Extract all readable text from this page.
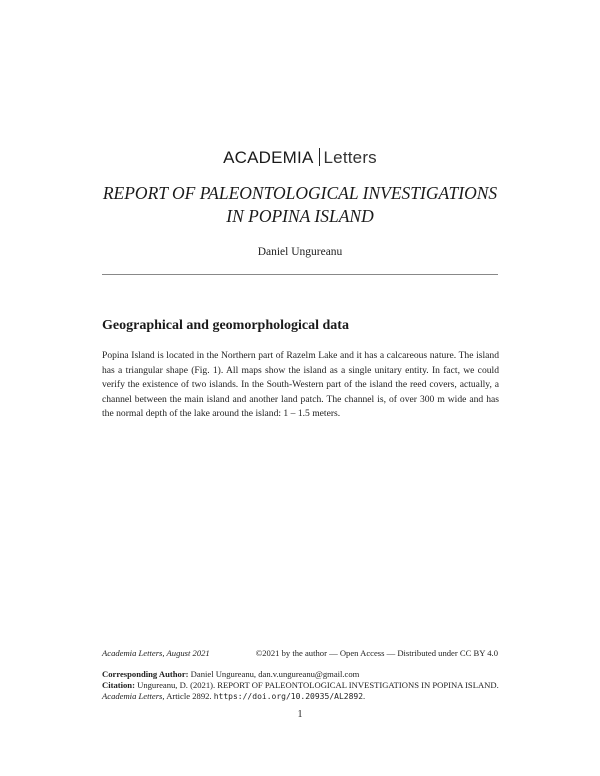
ACADEMIA Letters
REPORT OF PALEONTOLOGICAL INVESTIGATIONS
IN POPINA ISLAND
Daniel Ungureanu
Geographical and geomorphological data
Popina Island is located in the Northern part of Razelm Lake and it has a calcareous nature. The island has a triangular shape (Fig. 1). All maps show the island as a single unitary entity. In fact, we could verify the existence of two islands. In the South-Western part of the island the reed covers, actually, a channel between the main island and another land patch. The channel is, of over 300 m wide and has the normal depth of the lake around the island: 1 – 1.5 meters.
Academia Letters, August 2021	©2021 by the author — Open Access — Distributed under CC BY 4.0
Corresponding Author: Daniel Ungureanu, dan.v.ungureanu@gmail.com
Citation: Ungureanu, D. (2021). REPORT OF PALEONTOLOGICAL INVESTIGATIONS IN POPINA ISLAND. Academia Letters, Article 2892. https://doi.org/10.20935/AL2892.
1
